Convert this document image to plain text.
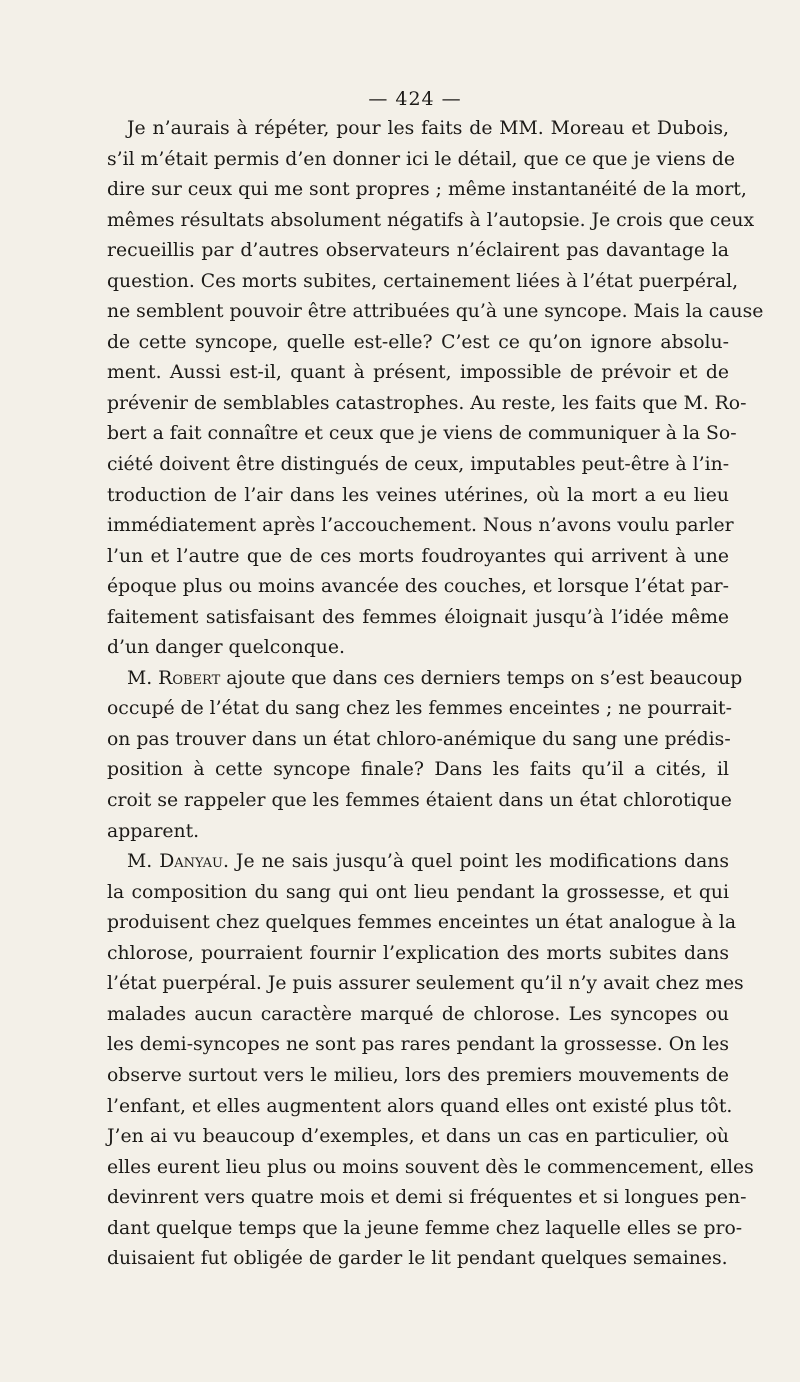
— 424 —
Je n’aurais à répéter, pour les faits de MM. Moreau et Dubois,
s’il m’était permis d’en donner ici le détail, que ce que je viens de
dire sur ceux qui me sont propres ; même instantanéité de la mort,
mêmes résultats absolument négatifs à l’autopsie. Je crois que ceux
recueillis par d’autres observateurs n’éclairent pas davantage la
question. Ces morts subites, certainement liées à l’état puerpéral,
ne semblent pouvoir être attribuées qu’à une syncope. Mais la cause
de cette syncope, quelle est-elle? C’est ce qu’on ignore absolu-
ment. Aussi est-il, quant à présent, impossible de prévoir et de
prévenir de semblables catastrophes. Au reste, les faits que M. Ro-
bert a fait connaître et ceux que je viens de communiquer à la So-
ciété doivent être distingués de ceux, imputables peut-être à l’in-
troduction de l’air dans les veines utérines, où la mort a eu lieu
immédiatement après l’accouchement. Nous n’avons voulu parler
l’un et l’autre que de ces morts foudroyantes qui arrivent à une
époque plus ou moins avancée des couches, et lorsque l’état par-
faitement satisfaisant des femmes éloignait jusqu’à l’idée même
d’un danger quelconque.
M. Robert ajoute que dans ces derniers temps on s’est beaucoup
occupé de l’état du sang chez les femmes enceintes ; ne pourrait-
on pas trouver dans un état chloro-anémique du sang une prédis-
position à cette syncope finale? Dans les faits qu’il a cités, il
croit se rappeler que les femmes étaient dans un état chlorotique
apparent.
M. Danyau. Je ne sais jusqu’à quel point les modifications dans
la composition du sang qui ont lieu pendant la grossesse, et qui
produisent chez quelques femmes enceintes un état analogue à la
chlorose, pourraient fournir l’explication des morts subites dans
l’état puerpéral. Je puis assurer seulement qu’il n’y avait chez mes
malades aucun caractère marqué de chlorose. Les syncopes ou
les demi-syncopes ne sont pas rares pendant la grossesse. On les
observe surtout vers le milieu, lors des premiers mouvements de
l’enfant, et elles augmentent alors quand elles ont existé plus tôt.
J’en ai vu beaucoup d’exemples, et dans un cas en particulier, où
elles eurent lieu plus ou moins souvent dès le commencement, elles
devinrent vers quatre mois et demi si fréquentes et si longues pen-
dant quelque temps que la jeune femme chez laquelle elles se pro-
duisaient fut obligée de garder le lit pendant quelques semaines.
